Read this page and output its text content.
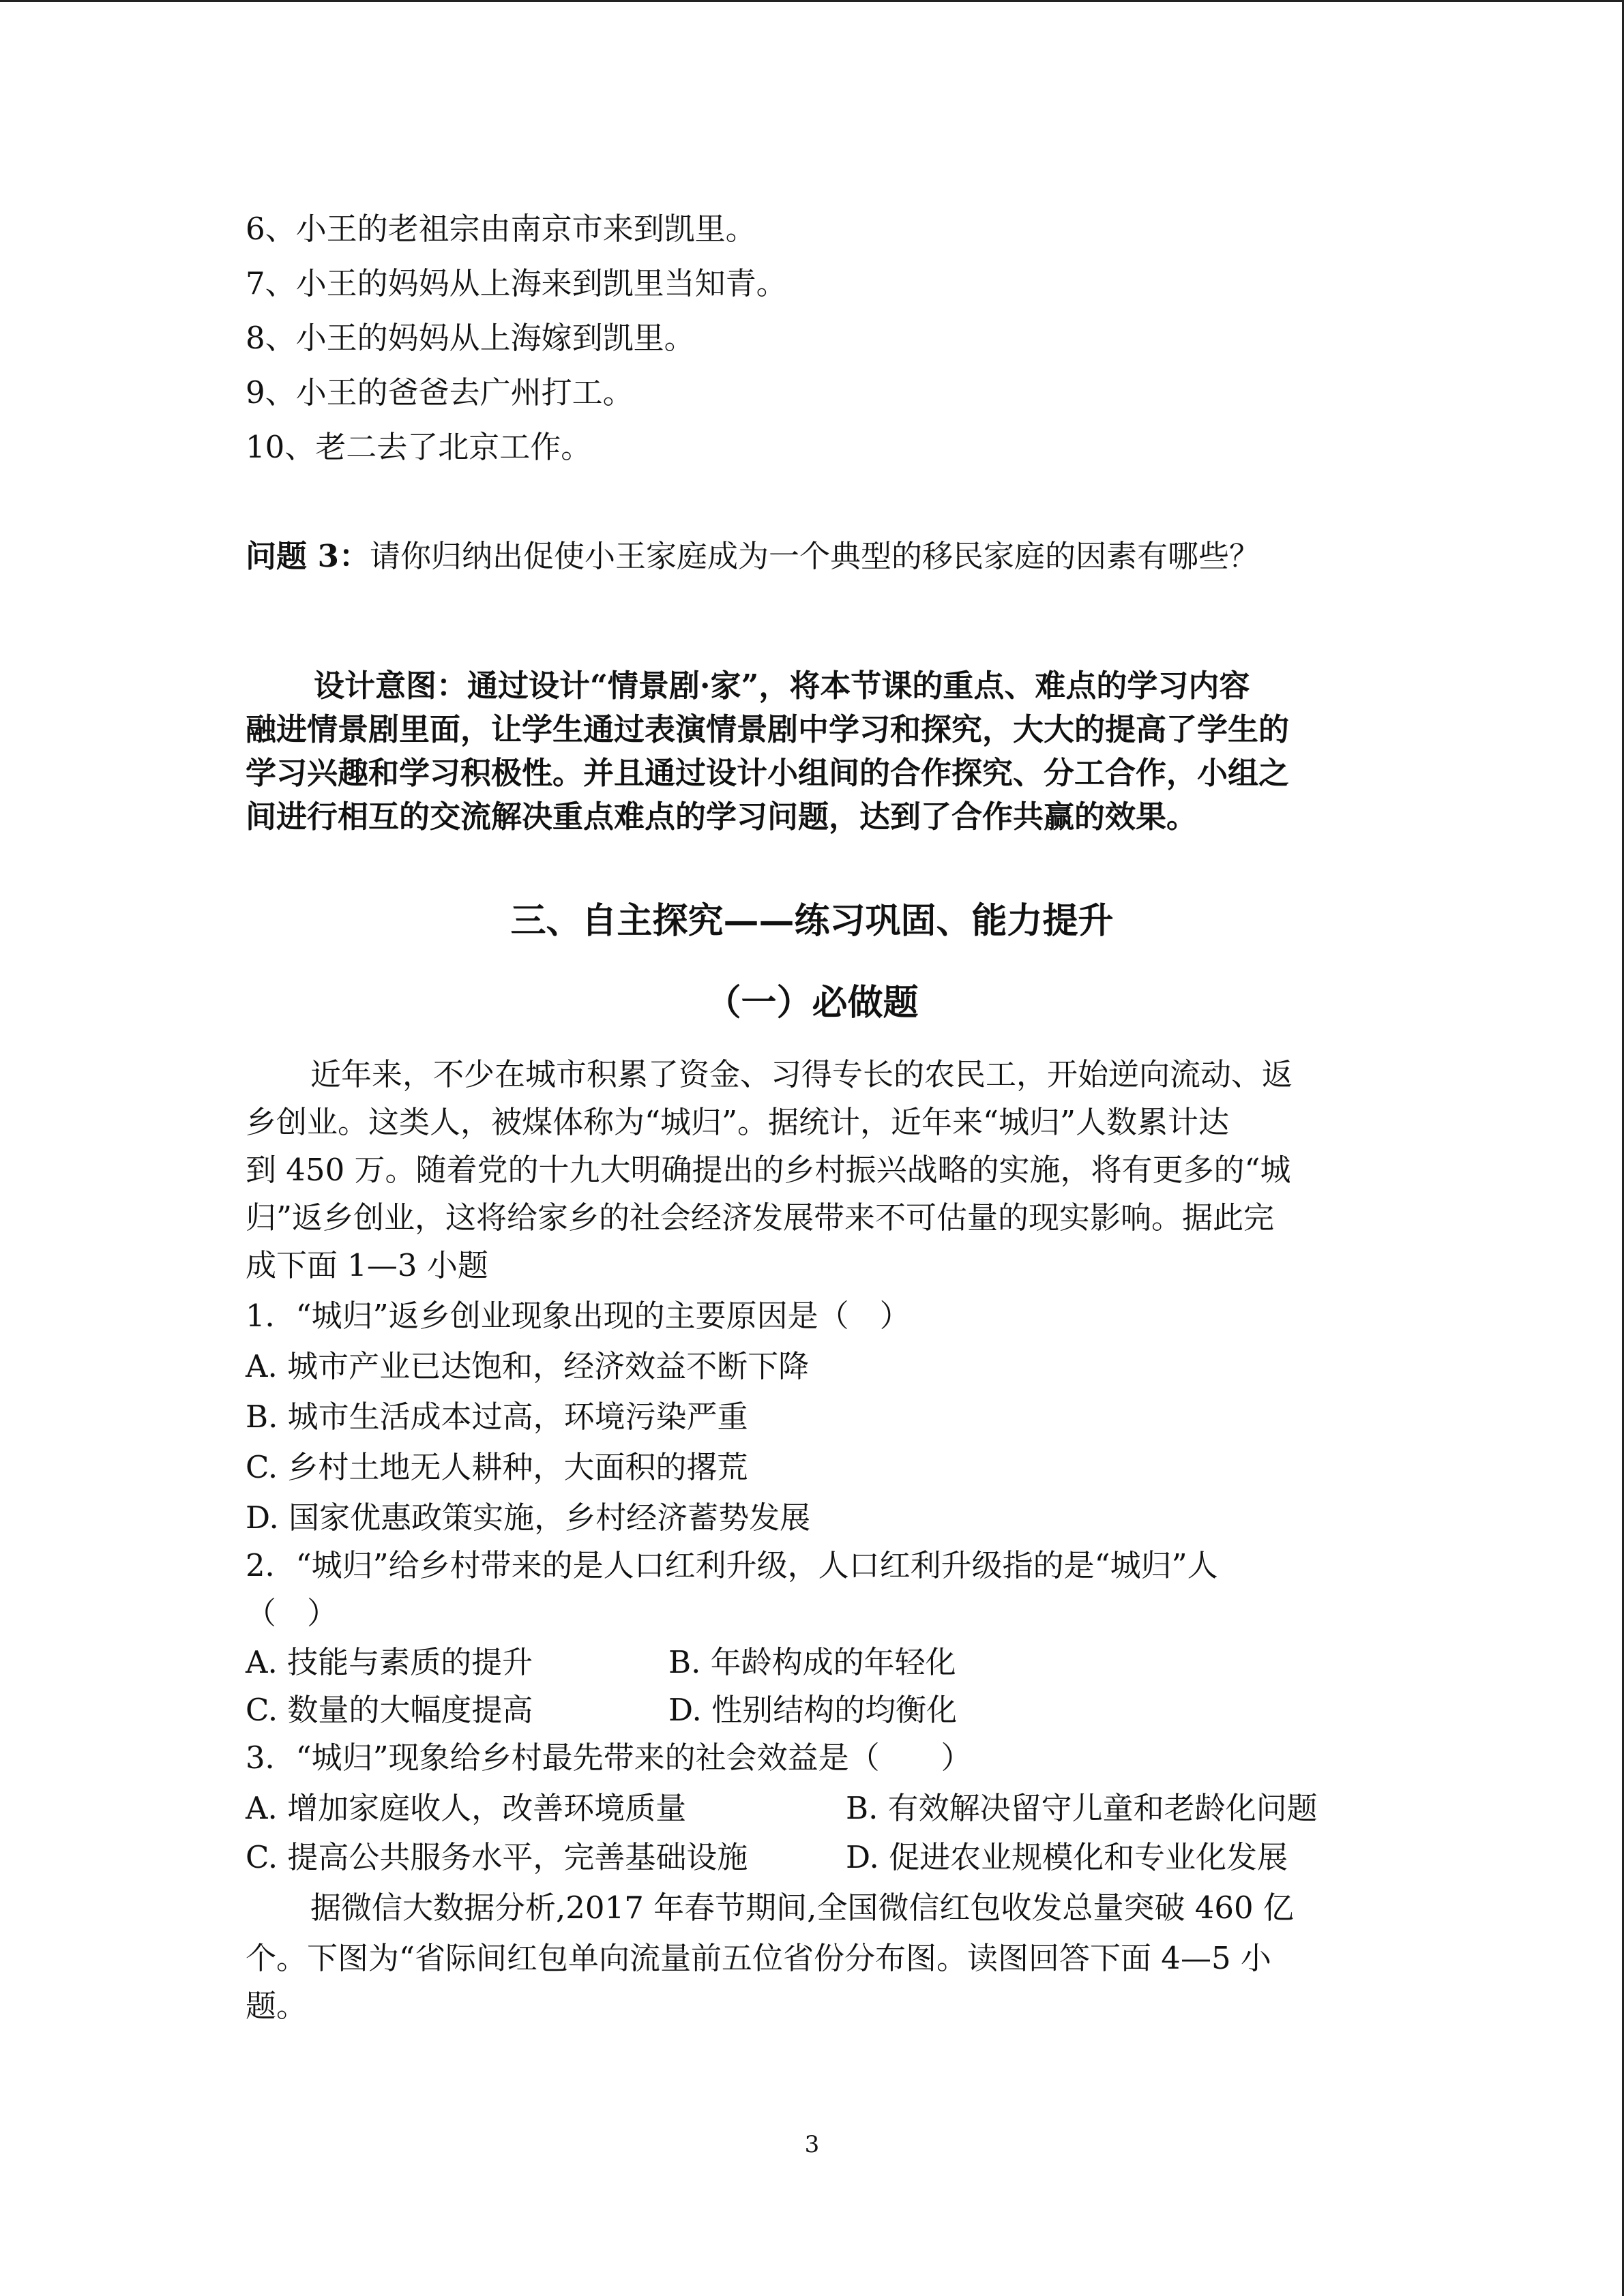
6、小王的老祖宗由南京市来到凯里。
7、小王的妈妈从上海来到凯里当知青。
8、小王的妈妈从上海嫁到凯里。
9、小王的爸爸去广州打工。
10、老二去了北京工作。
问题 3：请你归纳出促使小王家庭成为一个典型的移民家庭的因素有哪些？
设计意图：通过设计“情景剧·家”，将本节课的重点、难点的学习内容
融进情景剧里面，让学生通过表演情景剧中学习和探究，大大的提高了学生的
学习兴趣和学习积极性。并且通过设计小组间的合作探究、分工合作，小组之
间进行相互的交流解决重点难点的学习问题，达到了合作共赢的效果。
三、自主探究——练习巩固、能力提升
（一）必做题
近年来，不少在城市积累了资金、习得专长的农民工，开始逆向流动、返
乡创业。这类人，被煤体称为“城归”。据统计，近年来“城归”人数累计达
到 450 万。随着党的十九大明确提出的乡村振兴战略的实施，将有更多的“城
归”返乡创业，这将给家乡的社会经济发展带来不可估量的现实影响。据此完
成下面 1—3 小题
1．“城归”返乡创业现象出现的主要原因是（　）
A. 城市产业已达饱和，经济效益不断下降
B. 城市生活成本过高，环境污染严重
C. 乡村土地无人耕种，大面积的撂荒
D. 国家优惠政策实施，乡村经济蓄势发展
2．“城归”给乡村带来的是人口红利升级，人口红利升级指的是“城归”人
（　）
A. 技能与素质的提升	B. 年龄构成的年轻化
C. 数量的大幅度提高	D. 性别结构的均衡化
3．“城归”现象给乡村最先带来的社会效益是（　　）
A. 增加家庭收人，改善环境质量	B. 有效解决留守儿童和老龄化问题
C. 提高公共服务水平，完善基础设施	D. 促进农业规模化和专业化发展
据微信大数据分析,2017 年春节期间,全国微信红包收发总量突破 460 亿
个。下图为“省际间红包单向流量前五位省份分布图。读图回答下面 4—5 小
题。
3
